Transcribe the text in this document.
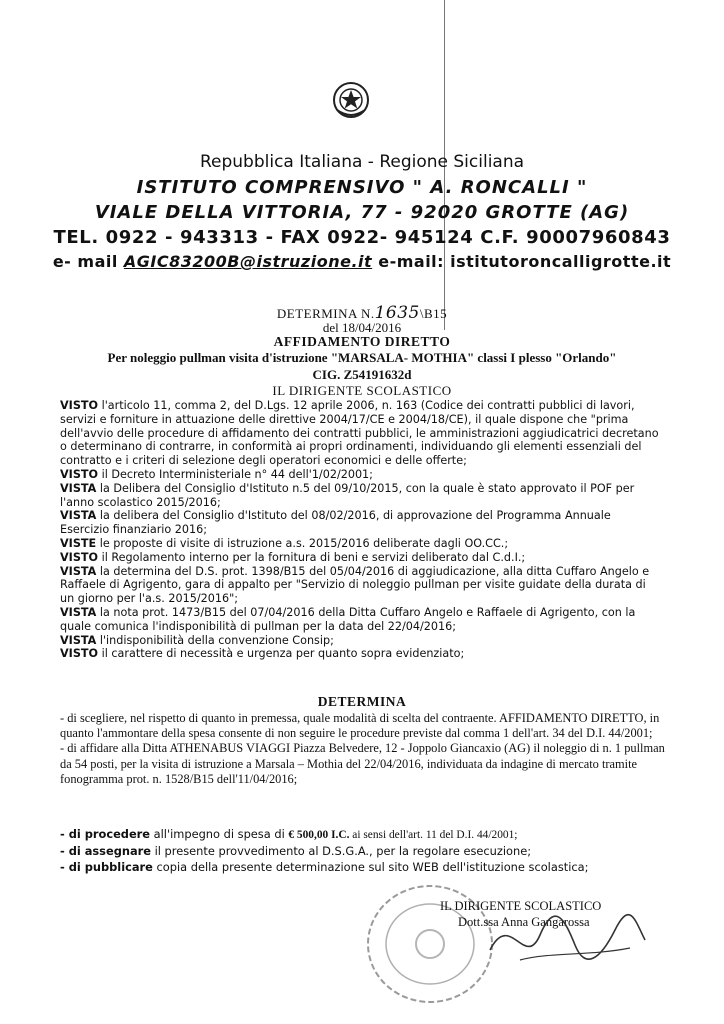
Repubblica Italiana - Regione Siciliana
ISTITUTO COMPRENSIVO " A. RONCALLI "
VIALE DELLA VITTORIA, 77 - 92020 GROTTE (AG)
TEL. 0922 - 943313 - FAX 0922- 945124 C.F. 90007960843
e- mail AGIC83200B@istruzione.it e-mail: istitutoroncalligrotte.it
DETERMINA N.1635\B15
del 18/04/2016
AFFIDAMENTO DIRETTO
Per noleggio pullman visita d'istruzione "MARSALA- MOTHIA" classi I plesso "Orlando"
CIG. Z54191632d
IL DIRIGENTE SCOLASTICO

VISTO l'articolo 11, comma 2, del D.Lgs. 12 aprile 2006, n. 163 (Codice dei contratti pubblici di lavori, servizi e forniture in attuazione delle direttive 2004/17/CE e 2004/18/CE), il quale dispone che "prima dell'avvio delle procedure di affidamento dei contratti pubblici, le amministrazioni aggiudicatrici decretano o determinano di contrarre, in conformità ai propri ordinamenti, individuando gli elementi essenziali del contratto e i criteri di selezione degli operatori economici e delle offerte;

VISTO il Decreto Interministeriale n° 44 dell'1/02/2001;

VISTA la Delibera del Consiglio d'Istituto n.5 del 09/10/2015, con la quale è stato approvato il POF per l'anno scolastico 2015/2016;

VISTA la delibera del Consiglio d'Istituto del 08/02/2016, di approvazione del Programma Annuale Esercizio finanziario 2016;

VISTE le proposte di visite di istruzione a.s. 2015/2016 deliberate dagli OO.CC.;

VISTO il Regolamento interno per la fornitura di beni e servizi deliberato dal C.d.I.;

VISTA la determina del D.S. prot. 1398/B15 del 05/04/2016 di aggiudicazione, alla ditta Cuffaro Angelo e Raffaele di Agrigento, gara di appalto per "Servizio di noleggio pullman per visite guidate della durata di un giorno per l'a.s. 2015/2016";

VISTA la nota prot. 1473/B15 del 07/04/2016 della Ditta Cuffaro Angelo e Raffaele di Agrigento, con la quale comunica l'indisponibilità di pullman per la data del 22/04/2016;

VISTA l'indisponibilità della convenzione Consip;

VISTO il carattere di necessità e urgenza per quanto sopra evidenziato;

DETERMINA

- di scegliere, nel rispetto di quanto in premessa, quale modalità di scelta del contraente. AFFIDAMENTO DIRETTO, in quanto l'ammontare della spesa consente di non seguire le procedure previste dal comma 1 dell'art. 34 del D.I. 44/2001;

- di affidare alla Ditta ATHENABUS VIAGGI Piazza Belvedere, 12 - Joppolo Giancaxio (AG) il noleggio di n. 1 pullman da 54 posti, per la visita di istruzione a Marsala – Mothia del 22/04/2016, individuata da indagine di mercato tramite fonogramma prot. n. 1528/B15 dell'11/04/2016;

- di procedere all'impegno di spesa di € 500,00 I.C. ai sensi dell'art. 11 del D.I. 44/2001;

- di assegnare il presente provvedimento al D.S.G.A., per la regolare esecuzione;

- di pubblicare copia della presente determinazione sul sito WEB dell'istituzione scolastica;

IL DIRIGENTE SCOLASTICO
Dott.ssa Anna Gangarossa
